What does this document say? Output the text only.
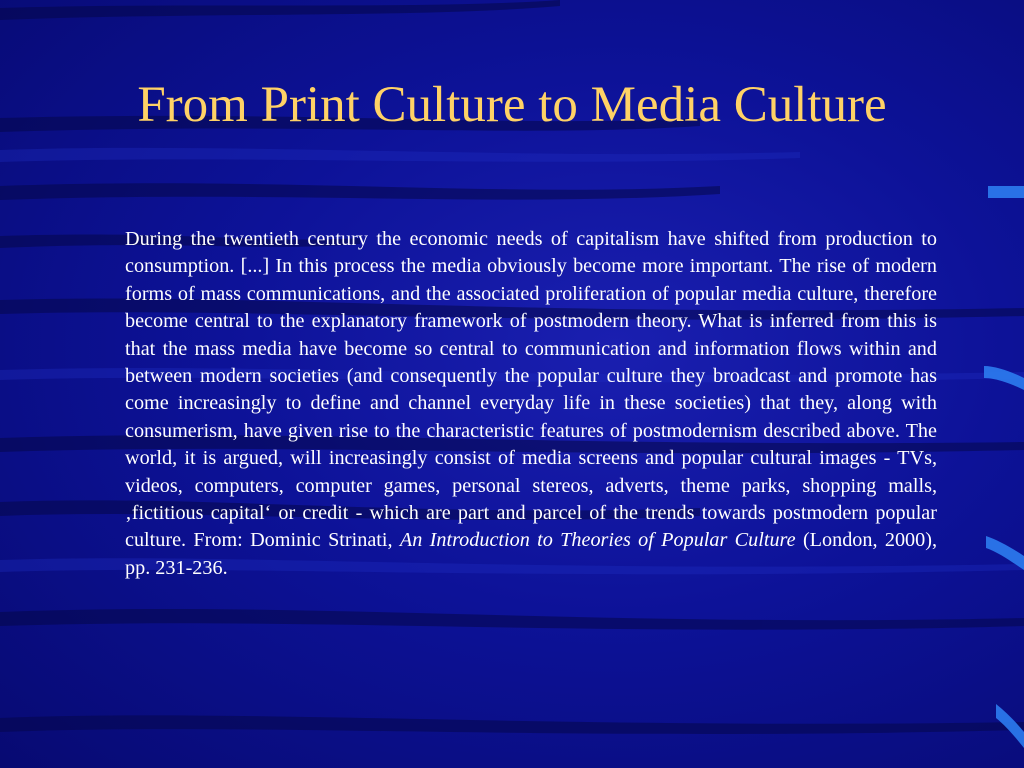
From Print Culture to Media Culture

During the twentieth century the economic needs of capitalism have shifted from production to consumption. [...] In this process the media obviously become more important. The rise of modern forms of mass communications, and the associated proliferation of popular media culture, therefore become central to the explanatory framework of postmodern theory. What is inferred from this is that the mass media have become so central to communication and information flows within and between modern societies (and consequently the popular culture they broadcast and promote has come increasingly to define and channel everyday life in these societies) that they, along with consumerism, have given rise to the characteristic features of postmodernism described above. The world, it is argued, will increasingly consist of media screens and popular cultural images - TVs, videos, computers, computer games, personal stereos, adverts, theme parks, shopping malls, ‚fictitious capital‘ or credit - which are part and parcel of the trends towards postmodern popular culture. From: Dominic Strinati, An Introduction to Theories of Popular Culture (London, 2000), pp. 231-236.
